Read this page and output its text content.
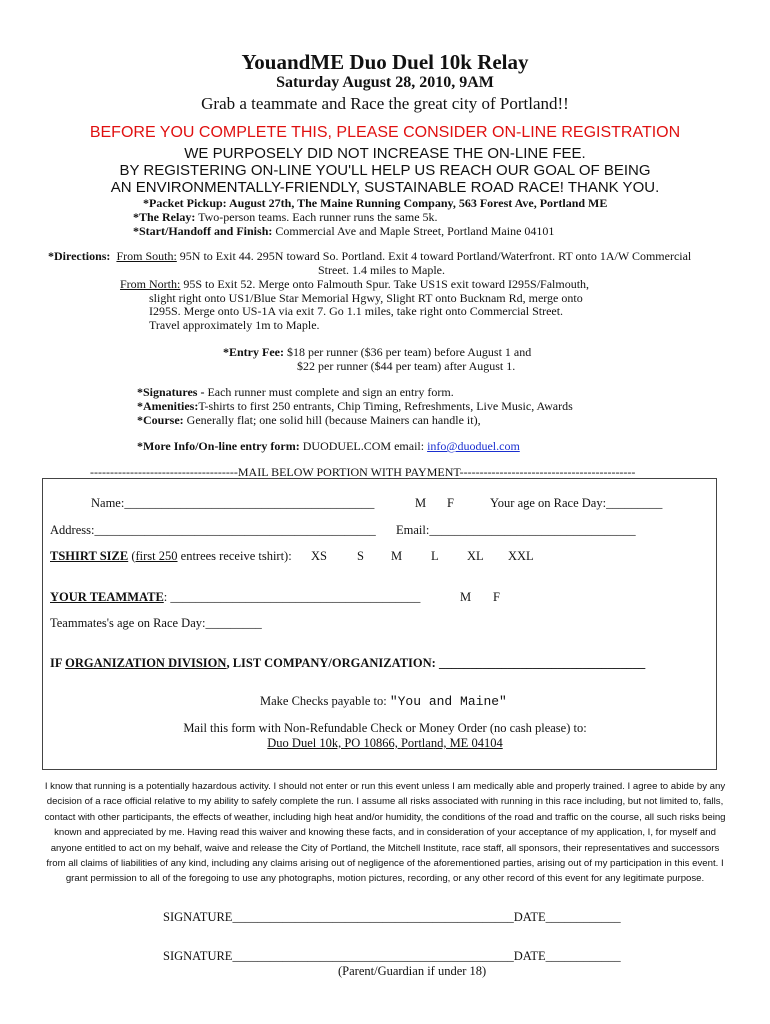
YouandME Duo Duel 10k Relay
Saturday August 28, 2010, 9AM
Grab a teammate and Race the great city of Portland!!
BEFORE YOU COMPLETE THIS, PLEASE CONSIDER ON-LINE REGISTRATION
WE PURPOSELY DID NOT INCREASE THE ON-LINE FEE.
BY REGISTERING ON-LINE YOU'LL HELP US REACH OUR GOAL OF BEING
AN ENVIRONMENTALLY-FRIENDLY, SUSTAINABLE ROAD RACE! THANK YOU.
*Packet Pickup: August 27th, The Maine Running Company, 563 Forest Ave, Portland ME
*The Relay: Two-person teams. Each runner runs the same 5k.
*Start/Handoff and Finish: Commercial Ave and Maple Street, Portland Maine 04101
*Directions: From South: 95N to Exit 44. 295N toward So. Portland. Exit 4 toward Portland/Waterfront. RT onto 1A/W Commercial
Street. 1.4 miles to Maple.
From North: 95S to Exit 52. Merge onto Falmouth Spur. Take US1S exit toward I295S/Falmouth,
slight right onto US1/Blue Star Memorial Hgwy, Slight RT onto Bucknam Rd, merge onto
I295S. Merge onto US-1A via exit 7. Go 1.1 miles, take right onto Commercial Street.
Travel approximately 1m to Maple.
*Entry Fee: $18 per runner ($36 per team) before August 1 and
$22 per runner ($44 per team) after August 1.
*Signatures - Each runner must complete and sign an entry form.
*Amenities:T-shirts to first 250 entrants, Chip Timing, Refreshments, Live Music, Awards
*Course: Generally flat; one solid hill (because Mainers can handle it),
*More Info/On-line entry form: DUODUEL.COM email: info@duoduel.com
-------------------------------------MAIL BELOW PORTION WITH PAYMENT--------------------------------------------
Name:________________________________________	M F	Your age on Race Day:_________
Address:_____________________________________________ Email:_________________________________
TSHIRT SIZE (first 250 entrees receive tshirt): XS S M L XL XXL
YOUR TEAMMATE: ________________________________________	M F
Teammates's age on Race Day:_________
IF ORGANIZATION DIVISION, LIST COMPANY/ORGANIZATION: _________________________________
Make Checks payable to: "You and Maine"
Mail this form with Non-Refundable Check or Money Order (no cash please) to:
Duo Duel 10k, PO 10866, Portland, ME 04104
I know that running is a potentially hazardous activity. I should not enter or run this event unless I am medically able and properly trained. I agree to abide by any decision of a race official relative to my ability to safely complete the run. I assume all risks associated with running in this race including, but not limited to, falls, contact with other participants, the effects of weather, including high heat and/or humidity, the conditions of the road and traffic on the course, all such risks being known and appreciated by me. Having read this waiver and knowing these facts, and in consideration of your acceptance of my application, I, for myself and anyone entitled to act on my behalf, waive and release the City of Portland, the Mitchell Institute, race staff, all sponsors, their representatives and successors from all claims of liabilities of any kind, including any claims arising out of negligence of the aforementioned parties, arising out of my participation in this event. I grant permission to all of the foregoing to use any photographs, motion pictures, recording, or any other record of this event for any legitimate purpose.
SIGNATURE_____________________________________________DATE____________
SIGNATURE_____________________________________________DATE____________
(Parent/Guardian if under 18)
